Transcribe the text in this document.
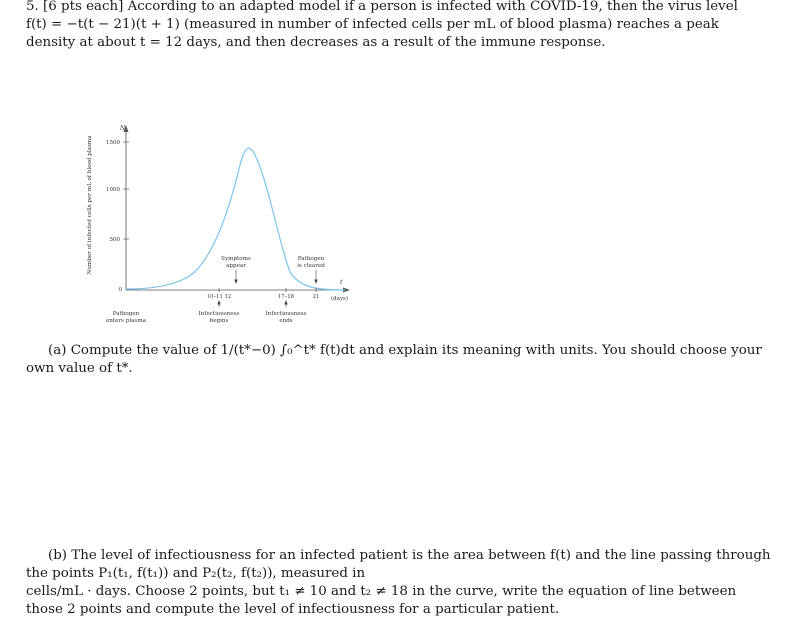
5. [6 pts each] According to an adapted model if a person is infected with COVID-19, then the virus level
f(t) = −t(t − 21)(t + 1) (measured in number of infected cells per mL of blood plasma) reaches a peak
density at about t = 12 days, and then decreases as a result of the immune response.
Number of infected cells per mL of blood plasma
N
t
(days)
1500
1000
500
0
10–11 12	17–18	21
Symptoms
appear
Pathogen
is cleared
Infectiousness
begins
Infectiousness
ends
Pathogen
enters plasma
(a) Compute the value of 1/(t*−0) ∫₀^t* f(t)dt and explain its meaning with units. You should choose your
own value of t*.
(b) The level of infectiousness for an infected patient is the area between f(t) and the line passing through
the points P₁(t₁, f(t₁)) and P₂(t₂, f(t₂)), measured in
cells/mL · days. Choose 2 points, but t₁ ≠ 10 and t₂ ≠ 18 in the curve, write the equation of line between
those 2 points and compute the level of infectiousness for a particular patient.
